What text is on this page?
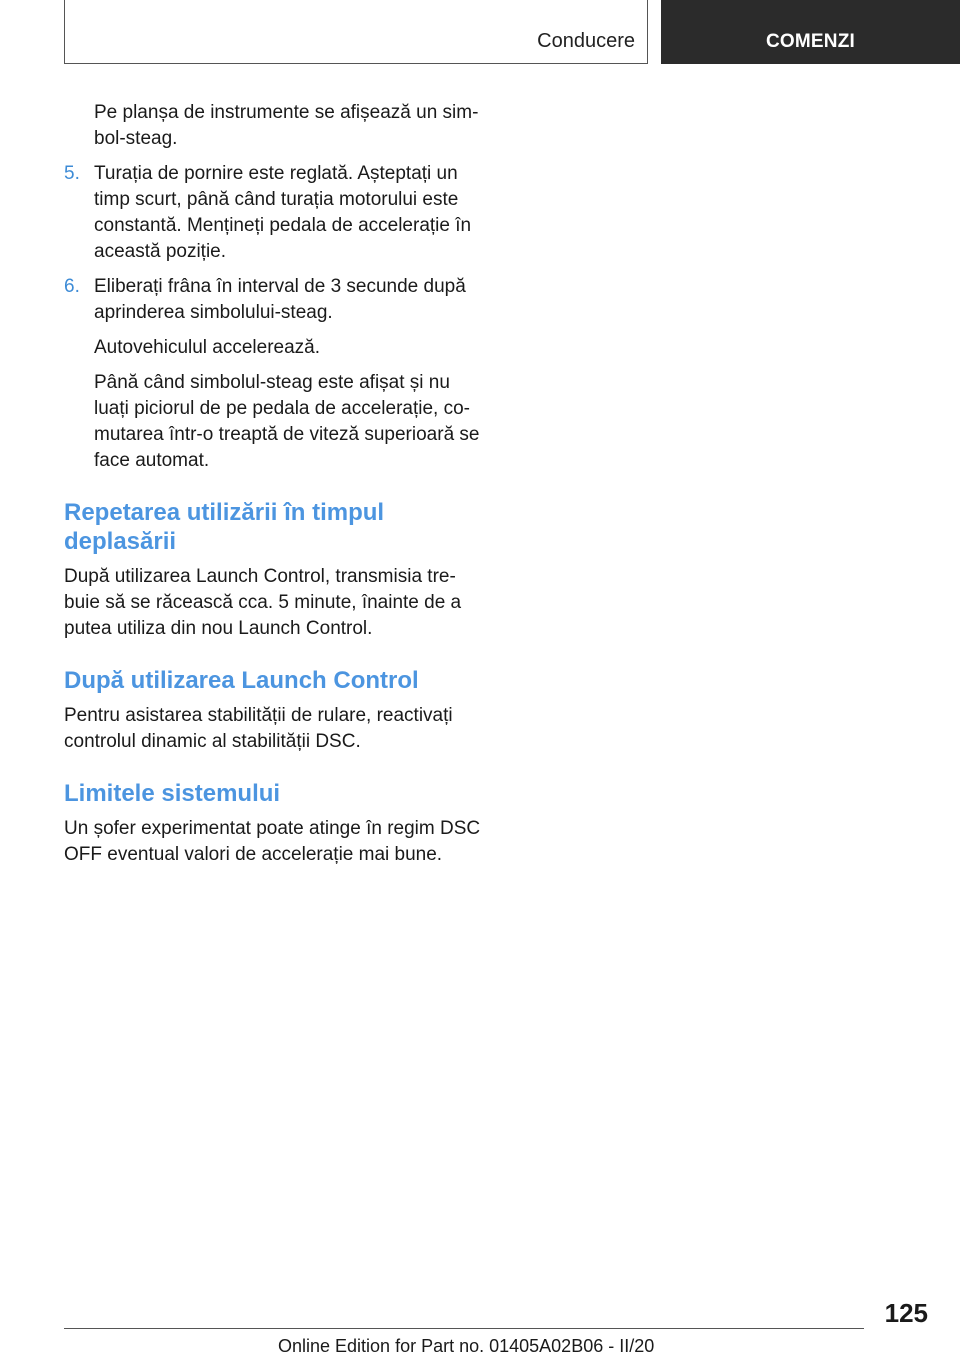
Conducere	COMENZI

Pe planșa de instrumente se afișează un sim- bol-steag.

5. Turația de pornire este reglată. Așteptați un timp scurt, până când turația motorului este constantă. Mențineți pedala de accelerație în această poziție.

6. Eliberați frâna în interval de 3 secunde după aprinderea simbolului-steag.

Autovehiculul accelerează.

Până când simbolul-steag este afișat și nu luați piciorul de pe pedala de accelerație, co- mutarea într-o treaptă de viteză superioară se face automat.

Repetarea utilizării în timpul deplasării

După utilizarea Launch Control, transmisia tre- buie să se răcească cca. 5 minute, înainte de a putea utiliza din nou Launch Control.

După utilizarea Launch Control

Pentru asistarea stabilității de rulare, reactivați controlul dinamic al stabilității DSC.

Limitele sistemului

Un șofer experimentat poate atinge în regim DSC OFF eventual valori de accelerație mai bune.

125
Online Edition for Part no. 01405A02B06 - II/20
